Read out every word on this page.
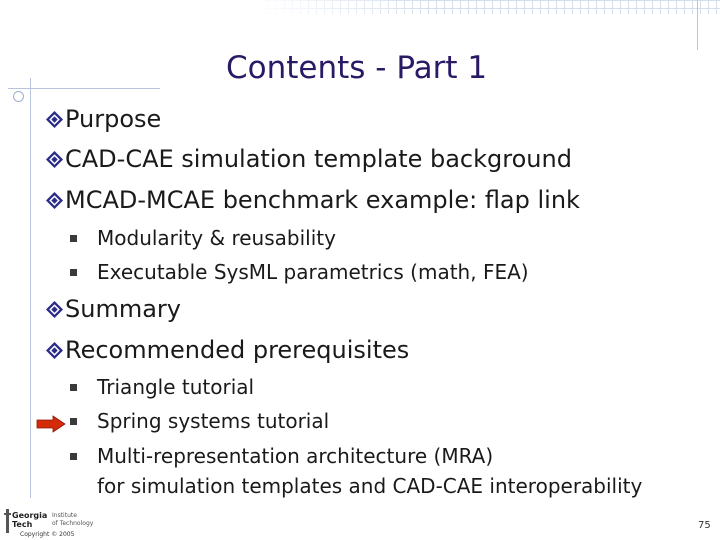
Contents - Part 1
Purpose
CAD-CAE simulation template background
MCAD-MCAE benchmark example: flap link
Modularity & reusability
Executable SysML parametrics (math, FEA)
Summary
Recommended prerequisites
Triangle tutorial
Spring systems tutorial
Multi-representation architecture (MRA)
for simulation templates and CAD-CAE interoperability
Georgia
Tech
Institute
of Technology
Copyright © 2005
75
